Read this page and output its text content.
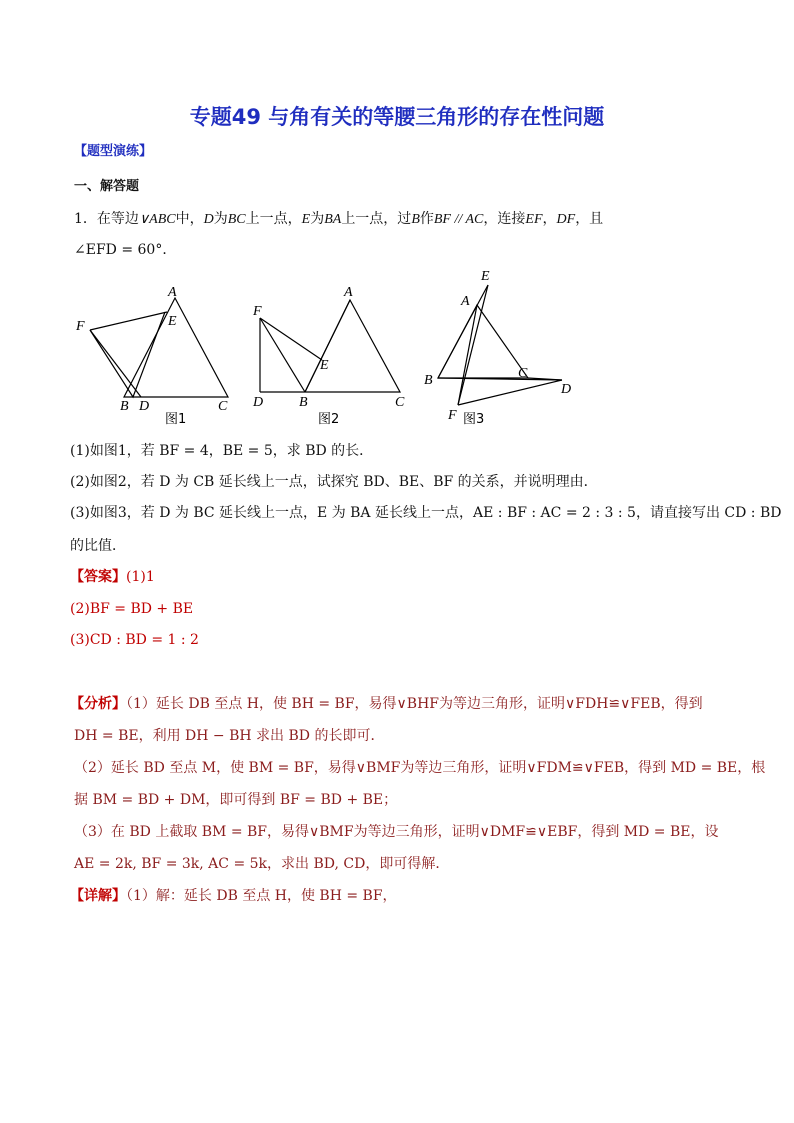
专题49 与角有关的等腰三角形的存在性问题
【题型演练】
一、解答题
1．在等边∨ABC中，D为BC上一点，E为BA上一点，过B作BF // AC，连接EF，DF，且
∠EFD = 60°．
A
E
F
B D	C
A
F
E
D	B	C
E
A
B	C
D
F
图1	图2	图3
(1)如图1，若 BF = 4，BE = 5，求 BD 的长．
(2)如图2，若 D 为 CB 延长线上一点，试探究 BD、BE、BF 的关系，并说明理由．
(3)如图3，若 D 为 BC 延长线上一点，E 为 BA 延长线上一点，AE : BF : AC = 2 : 3 : 5，请直接写出 CD : BD
的比值．
【答案】(1)1
(2)BF = BD + BE
(3)CD : BD = 1 : 2
【分析】（1）延长 DB 至点 H，使 BH = BF，易得∨BHF为等边三角形，证明∨FDH≌∨FEB，得到
DH = BE，利用 DH − BH 求出 BD 的长即可．
（2）延长 BD 至点 M，使 BM = BF，易得∨BMF为等边三角形，证明∨FDM≌∨FEB，得到 MD = BE，根
据 BM = BD + DM，即可得到 BF = BD + BE；
（3）在 BD 上截取 BM = BF，易得∨BMF为等边三角形，证明∨DMF≌∨EBF，得到 MD = BE，设
AE = 2k, BF = 3k, AC = 5k，求出 BD, CD，即可得解．
【详解】（1）解：延长 DB 至点 H，使 BH = BF，
